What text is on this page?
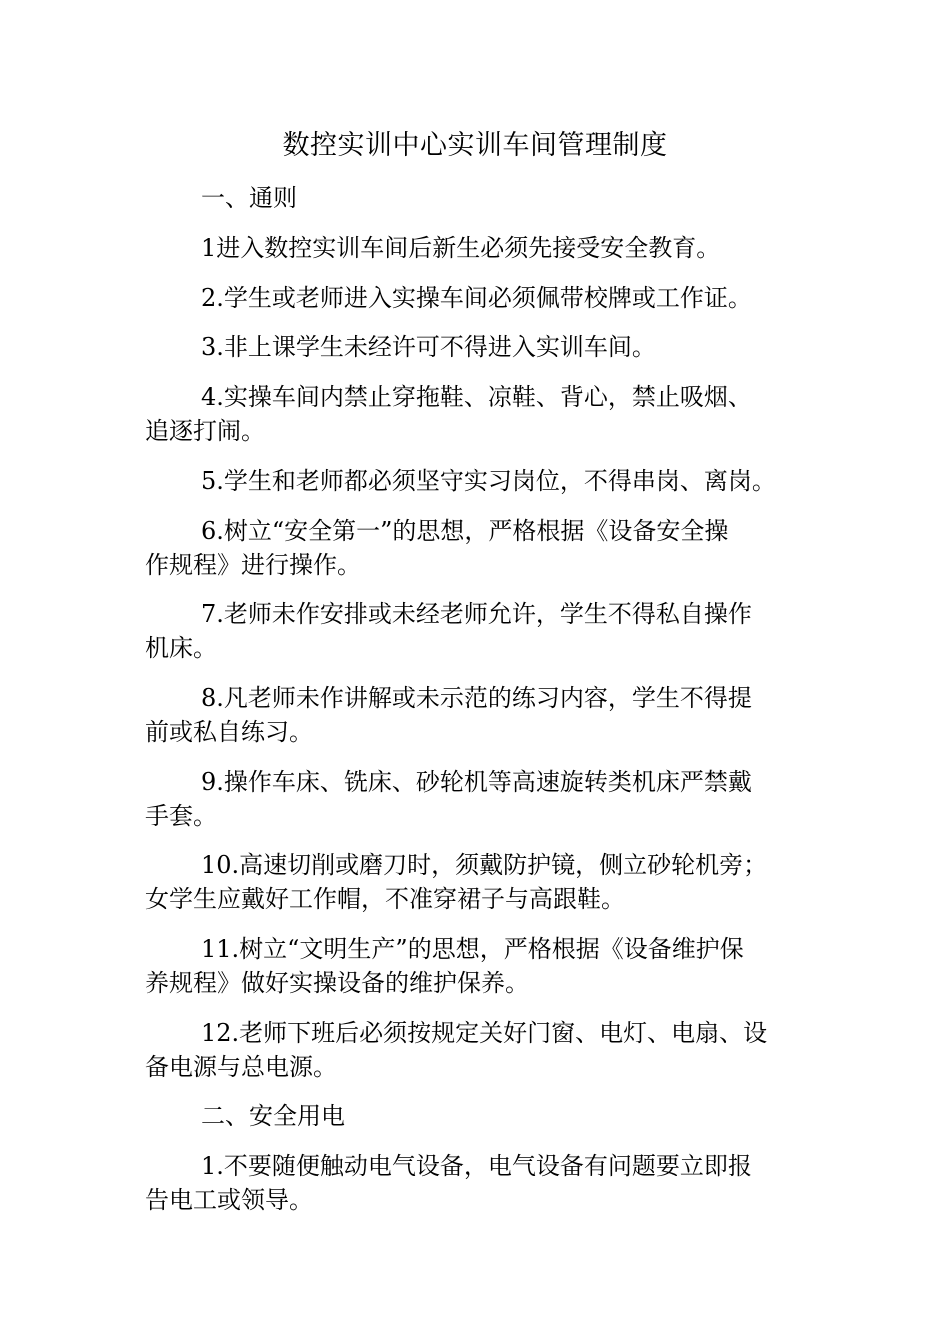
数控实训中心实训车间管理制度

一、通则

1进入数控实训车间后新生必须先接受安全教育。

2.学生或老师进入实操车间必须佩带校牌或工作证。

3.非上课学生未经许可不得进入实训车间。

4.实操车间内禁止穿拖鞋、凉鞋、背心，禁止吸烟、
追逐打闹。

5.学生和老师都必须坚守实习岗位，不得串岗、离岗。

6.树立“安全第一”的思想，严格根据《设备安全操
作规程》进行操作。

7.老师未作安排或未经老师允许，学生不得私自操作
机床。

8.凡老师未作讲解或未示范的练习内容，学生不得提
前或私自练习。

9.操作车床、铣床、砂轮机等高速旋转类机床严禁戴
手套。

10.高速切削或磨刀时，须戴防护镜，侧立砂轮机旁；
女学生应戴好工作帽，不准穿裙子与高跟鞋。

11.树立“文明生产”的思想，严格根据《设备维护保
养规程》做好实操设备的维护保养。

12.老师下班后必须按规定关好门窗、电灯、电扇、设
备电源与总电源。

二、安全用电

1.不要随便触动电气设备，电气设备有问题要立即报
告电工或领导。
